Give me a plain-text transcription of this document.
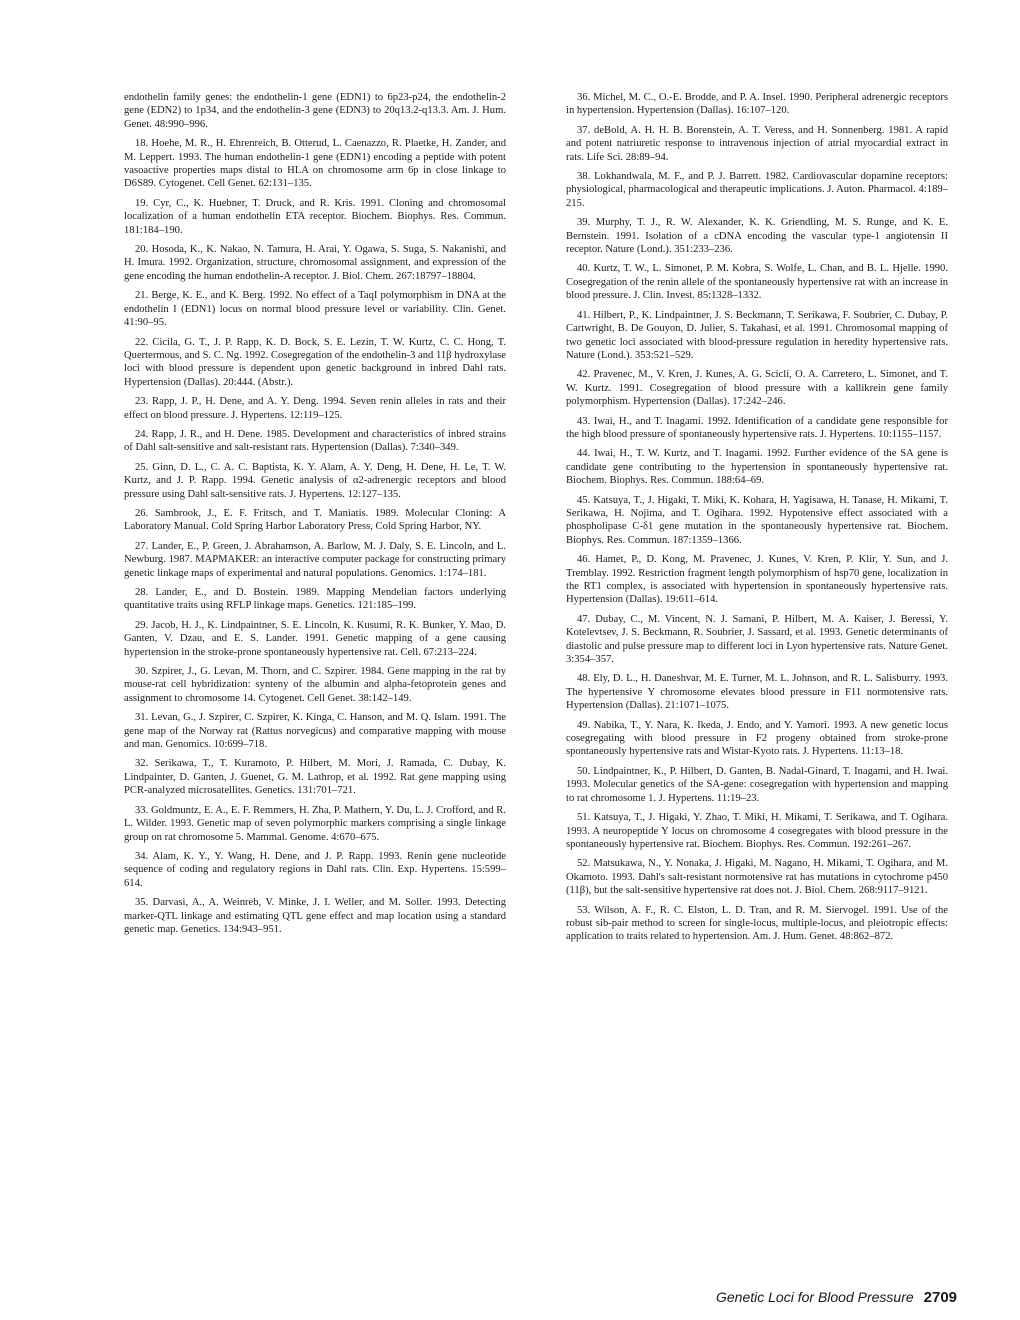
endothelin family genes: the endothelin-1 gene (EDN1) to 6p23-p24, the endothelin-2 gene (EDN2) to 1p34, and the endothelin-3 gene (EDN3) to 20q13.2-q13.3. Am. J. Hum. Genet. 48:990–996.

18. Hoehe, M. R., H. Ehrenreich, B. Otterud, L. Caenazzo, R. Plaetke, H. Zander, and M. Leppert. 1993. The human endothelin-1 gene (EDN1) encoding a peptide with potent vasoactive properties maps distal to HLA on chromosome arm 6p in close linkage to D6S89. Cytogenet. Cell Genet. 62:131–135.

19. Cyr, C., K. Huebner, T. Druck, and R. Kris. 1991. Cloning and chromosomal localization of a human endothelin ETA receptor. Biochem. Biophys. Res. Commun. 181:184–190.

20. Hosoda, K., K. Nakao, N. Tamura, H. Arai, Y. Ogawa, S. Suga, S. Nakanishi, and H. Imura. 1992. Organization, structure, chromosomal assignment, and expression of the gene encoding the human endothelin-A receptor. J. Biol. Chem. 267:18797–18804.

21. Berge, K. E., and K. Berg. 1992. No effect of a TaqI polymorphism in DNA at the endothelin I (EDN1) locus on normal blood pressure level or variability. Clin. Genet. 41:90–95.

22. Cicila, G. T., J. P. Rapp, K. D. Bock, S. E. Lezin, T. W. Kurtz, C. C. Hong, T. Quertermous, and S. C. Ng. 1992. Cosegregation of the endothelin-3 and 11β hydroxylase loci with blood pressure is dependent upon genetic background in inbred Dahl rats. Hypertension (Dallas). 20:444. (Abstr.).

23. Rapp, J. P., H. Dene, and A. Y. Deng. 1994. Seven renin alleles in rats and their effect on blood pressure. J. Hypertens. 12:119–125.

24. Rapp, J. R., and H. Dene. 1985. Development and characteristics of inbred strains of Dahl salt-sensitive and salt-resistant rats. Hypertension (Dallas). 7:340–349.

25. Ginn, D. L., C. A. C. Baptista, K. Y. Alam, A. Y. Deng, H. Dene, H. Le, T. W. Kurtz, and J. P. Rapp. 1994. Genetic analysis of α2-adrenergic receptors and blood pressure using Dahl salt-sensitive rats. J. Hypertens. 12:127–135.

26. Sambrook, J., E. F. Fritsch, and T. Maniatis. 1989. Molecular Cloning: A Laboratory Manual. Cold Spring Harbor Laboratory Press, Cold Spring Harbor, NY.

27. Lander, E., P. Green, J. Abrahamson, A. Barlow, M. J. Daly, S. E. Lincoln, and L. Newburg. 1987. MAPMAKER: an interactive computer package for constructing primary genetic linkage maps of experimental and natural populations. Genomics. 1:174–181.

28. Lander, E., and D. Bostein. 1989. Mapping Mendelian factors underlying quantitative traits using RFLP linkage maps. Genetics. 121:185–199.

29. Jacob, H. J., K. Lindpaintner, S. E. Lincoln, K. Kusumi, R. K. Bunker, Y. Mao, D. Ganten, V. Dzau, and E. S. Lander. 1991. Genetic mapping of a gene causing hypertension in the stroke-prone spontaneously hypertensive rat. Cell. 67:213–224.

30. Szpirer, J., G. Levan, M. Thorn, and C. Szpirer. 1984. Gene mapping in the rat by mouse-rat cell hybridization: synteny of the albumin and alpha-fetoprotein genes and assignment to chromosome 14. Cytogenet. Cell Genet. 38:142–149.

31. Levan, G., J. Szpirer, C. Szpirer, K. Kinga, C. Hanson, and M. Q. Islam. 1991. The gene map of the Norway rat (Rattus norvegicus) and comparative mapping with mouse and man. Genomics. 10:699–718.

32. Serikawa, T., T. Kuramoto, P. Hilbert, M. Mori, J. Ramada, C. Dubay, K. Lindpainter, D. Ganten, J. Guenet, G. M. Lathrop, et al. 1992. Rat gene mapping using PCR-analyzed microsatellites. Genetics. 131:701–721.

33. Goldmuntz, E. A., E. F. Remmers, H. Zha, P. Mathern, Y. Du, L. J. Crofford, and R. L. Wilder. 1993. Genetic map of seven polymorphic markers comprising a single linkage group on rat chromosome 5. Mammal. Genome. 4:670–675.

34. Alam, K. Y., Y. Wang, H. Dene, and J. P. Rapp. 1993. Renin gene nucleotide sequence of coding and regulatory regions in Dahl rats. Clin. Exp. Hypertens. 15:599–614.

35. Darvasi, A., A. Weinreb, V. Minke, J. I. Weller, and M. Soller. 1993. Detecting marker-QTL linkage and estimating QTL gene effect and map location using a standard genetic map. Genetics. 134:943–951.

36. Michel, M. C., O.-E. Brodde, and P. A. Insel. 1990. Peripheral adrenergic receptors in hypertension. Hypertension (Dallas). 16:107–120.

37. deBold, A. H. H. B. Borenstein, A. T. Veress, and H. Sonnenberg. 1981. A rapid and potent natriuretic response to intravenous injection of atrial myocardial extract in rats. Life Sci. 28:89–94.

38. Lokhandwala, M. F., and P. J. Barrett. 1982. Cardiovascular dopamine receptors: physiological, pharmacological and therapeutic implications. J. Auton. Pharmacol. 4:189–215.

39. Murphy, T. J., R. W. Alexander, K. K. Griendling, M. S. Runge, and K. E. Bernstein. 1991. Isolation of a cDNA encoding the vascular type-1 angiotensin II receptor. Nature (Lond.). 351:233–236.

40. Kurtz, T. W., L. Simonet, P. M. Kobra, S. Wolfe, L. Chan, and B. L. Hjelle. 1990. Cosegregation of the renin allele of the spontaneously hypertensive rat with an increase in blood pressure. J. Clin. Invest. 85:1328–1332.

41. Hilbert, P., K. Lindpaintner, J. S. Beckmann, T. Serikawa, F. Soubrier, C. Dubay, P. Cartwright, B. De Gouyon, D. Julier, S. Takahasi, et al. 1991. Chromosomal mapping of two genetic loci associated with blood-pressure regulation in heredity hypertensive rats. Nature (Lond.). 353:521–529.

42. Pravenec, M., V. Kren, J. Kunes, A. G. Scicli, O. A. Carretero, L. Simonet, and T. W. Kurtz. 1991. Cosegregation of blood pressure with a kallikrein gene family polymorphism. Hypertension (Dallas). 17:242–246.

43. Iwai, H., and T. Inagami. 1992. Identification of a candidate gene responsible for the high blood pressure of spontaneously hypertensive rats. J. Hypertens. 10:1155–1157.

44. Iwai, H., T. W. Kurtz, and T. Inagami. 1992. Further evidence of the SA gene is candidate gene contributing to the hypertension in spontaneously hypertensive rat. Biochem. Biophys. Res. Commun. 188:64–69.

45. Katsuya, T., J. Higaki, T. Miki, K. Kohara, H. Yagisawa, H. Tanase, H. Mikami, T. Serikawa, H. Nojima, and T. Ogihara. 1992. Hypotensive effect associated with a phospholipase C-δ1 gene mutation in the spontaneously hypertensive rat. Biochem. Biophys. Res. Commun. 187:1359–1366.

46. Hamet, P., D. Kong, M. Pravenec, J. Kunes, V. Kren, P. Klir, Y. Sun, and J. Tremblay. 1992. Restriction fragment length polymorphism of hsp70 gene, localization in the RT1 complex, is associated with hypertension in spontaneously hypertensive rats. Hypertension (Dallas). 19:611–614.

47. Dubay, C., M. Vincent, N. J. Samani, P. Hilbert, M. A. Kaiser, J. Beressi, Y. Kotelevtsev, J. S. Beckmann, R. Soubrier, J. Sassard, et al. 1993. Genetic determinants of diastolic and pulse pressure map to different loci in Lyon hypertensive rats. Nature Genet. 3:354–357.

48. Ely, D. L., H. Daneshvar, M. E. Turner, M. L. Johnson, and R. L. Salisburry. 1993. The hypertensive Y chromosome elevates blood pressure in F11 normotensive rats. Hypertension (Dallas). 21:1071–1075.

49. Nabika, T., Y. Nara, K. Ikeda, J. Endo, and Y. Yamori. 1993. A new genetic locus cosegregating with blood pressure in F2 progeny obtained from stroke-prone spontaneously hypertensive rats and Wistar-Kyoto rats. J. Hypertens. 11:13–18.

50. Lindpaintner, K., P. Hilbert, D. Ganten, B. Nadal-Ginard, T. Inagami, and H. Iwai. 1993. Molecular genetics of the SA-gene: cosegregation with hypertension and mapping to rat chromosome 1. J. Hypertens. 11:19–23.

51. Katsuya, T., J. Higaki, Y. Zhao, T. Miki, H. Mikami, T. Serikawa, and T. Ogihara. 1993. A neuropeptide Y locus on chromosome 4 cosegregates with blood pressure in the spontaneously hypertensive rat. Biochem. Biophys. Res. Commun. 192:261–267.

52. Matsukawa, N., Y. Nonaka, J. Higaki, M. Nagano, H. Mikami, T. Ogihara, and M. Okamoto. 1993. Dahl's salt-resistant normotensive rat has mutations in cytochrome p450 (11β), but the salt-sensitive hypertensive rat does not. J. Biol. Chem. 268:9117–9121.

53. Wilson, A. F., R. C. Elston, L. D. Tran, and R. M. Siervogel. 1991. Use of the robust sib-pair method to screen for single-locus, multiple-locus, and pleiotropic effects: application to traits related to hypertension. Am. J. Hum. Genet. 48:862–872.

Genetic Loci for Blood Pressure 2709
